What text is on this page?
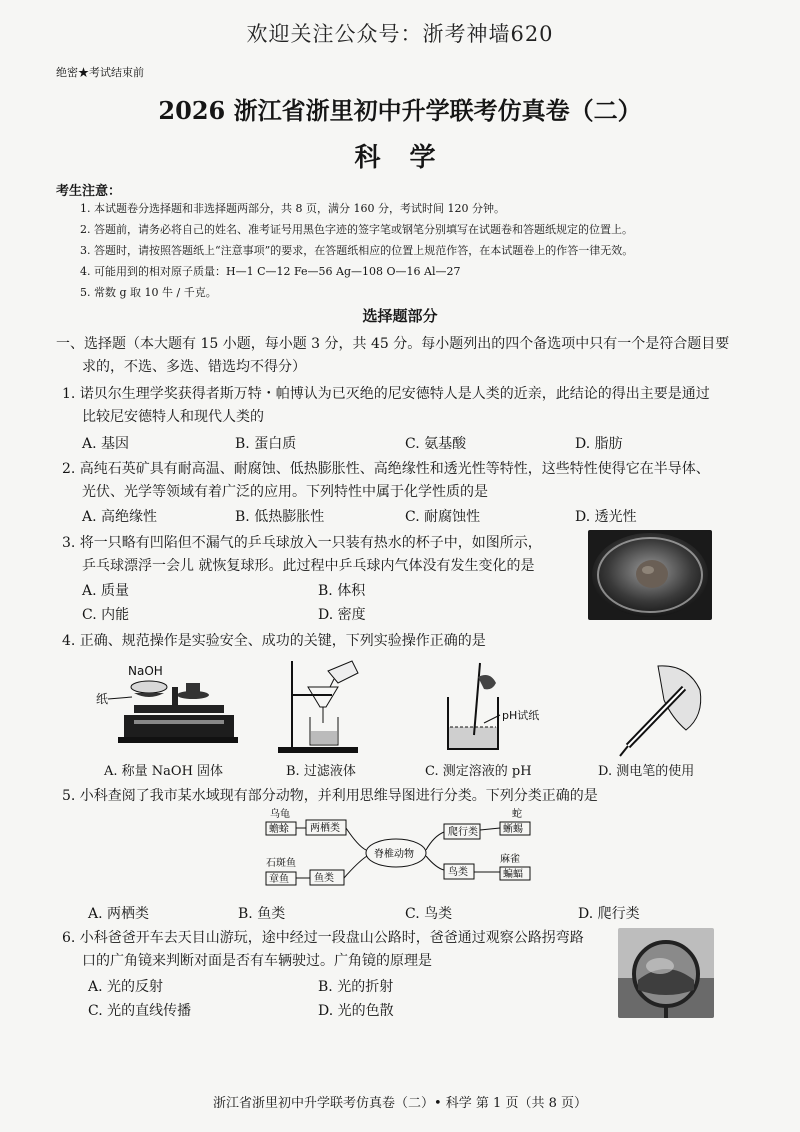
欢迎关注公众号：浙考神墙620
绝密★考试结束前
2026 浙江省浙里初中升学联考仿真卷（二）
科 学
考生注意：
1. 本试题卷分选择题和非选择题两部分，共 8 页，满分 160 分，考试时间 120 分钟。
2. 答题前，请务必将自己的姓名、准考证号用黑色字迹的签字笔或钢笔分别填写在试题卷和答题纸规定的位置上。
3. 答题时，请按照答题纸上“注意事项”的要求，在答题纸相应的位置上规范作答，在本试题卷上的作答一律无效。
4. 可能用到的相对原子质量：H—1 C—12 Fe—56 Ag—108 O—16 Al—27
5. 常数 g 取 10 牛 / 千克。
选择题部分
一、选择题（本大题有 15 小题，每小题 3 分，共 45 分。每小题列出的四个备选项中只有一个是符合题目要
求的，不选、多选、错选均不得分）
1. 诺贝尔生理学奖获得者斯万特・帕博认为已灭绝的尼安德特人是人类的近亲，此结论的得出主要是通过
比较尼安德特人和现代人类的
A. 基因	B. 蛋白质	C. 氨基酸	D. 脂肪
2. 高纯石英矿具有耐高温、耐腐蚀、低热膨胀性、高绝缘性和透光性等特性，这些特性使得它在半导体、
光伏、光学等领域有着广泛的应用。下列特性中属于化学性质的是
A. 高绝缘性	B. 低热膨胀性	C. 耐腐蚀性	D. 透光性
3. 将一只略有凹陷但不漏气的乒乓球放入一只装有热水的杯子中，如图所示，
乒乓球漂浮一会儿 就恢复球形。此过程中乒乓球内气体没有发生变化的是
A. 质量	B. 体积
C. 内能	D. 密度
4. 正确、规范操作是实验安全、成功的关键，下列实验操作正确的是
NaOH
纸
pH试纸
A. 称量 NaOH 固体	B. 过滤液体	C. 测定溶液的 pH	D. 测电笔的使用
5. 小科查阅了我市某水域现有部分动物，并利用思维导图进行分类。下列分类正确的是
乌龟
蟾蜍 两栖类
石斑鱼
章鱼	鱼类
脊椎动物
爬行类
蛇
蜥蜴
鸟类
麻雀
蝙蝠
A. 两栖类	B. 鱼类	C. 鸟类	D. 爬行类
6. 小科爸爸开车去天目山游玩，途中经过一段盘山公路时，爸爸通过观察公路拐弯路
口的广角镜来判断对面是否有车辆驶过。广角镜的原理是
A. 光的反射	B. 光的折射
C. 光的直线传播	D. 光的色散
浙江省浙里初中升学联考仿真卷（二）• 科学 第 1 页（共 8 页）
